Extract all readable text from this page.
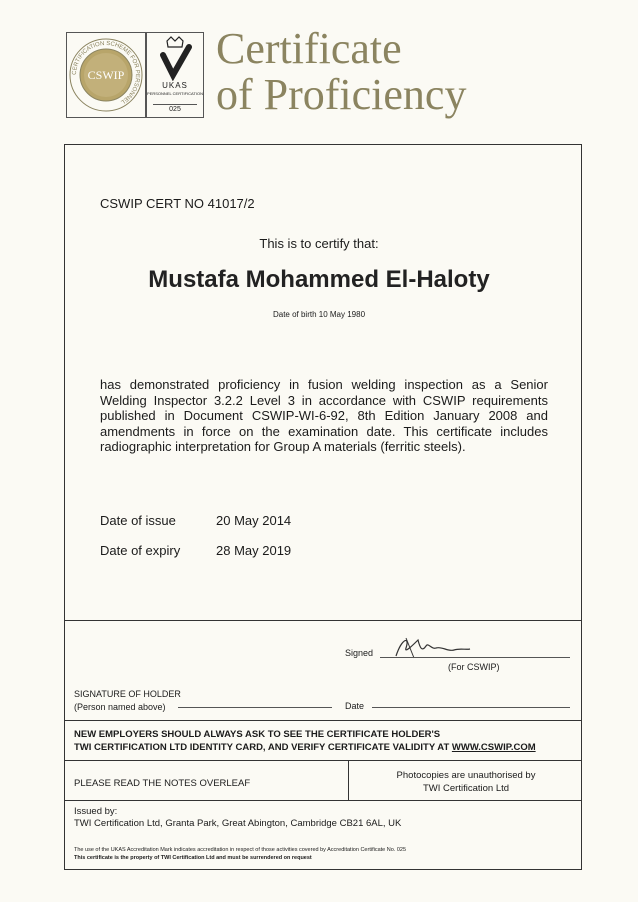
CSWIP
CERTIFICATION SCHEME FOR PERSONNEL
UKAS
PERSONNEL CERTIFICATION
025
Certificate
of Proficiency
CSWIP CERT NO 41017/2
This is to certify that:
Mustafa Mohammed El-Haloty
Date of birth 10 May 1980
has demonstrated proficiency in fusion welding inspection as a Senior Welding Inspector 3.2.2 Level 3 in accordance with CSWIP requirements published in Document CSWIP-WI-6-92, 8th Edition January 2008 and amendments in force on the examination date. This certificate includes radiographic interpretation for Group A materials (ferritic steels).
Date of issue	20 May 2014
Date of expiry	28 May 2019
Signed
(For CSWIP)
SIGNATURE OF HOLDER
(Person named above)	Date
NEW EMPLOYERS SHOULD ALWAYS ASK TO SEE THE CERTIFICATE HOLDER'S
TWI CERTIFICATION LTD IDENTITY CARD, AND VERIFY CERTIFICATE VALIDITY AT WWW.CSWIP.COM
PLEASE READ THE NOTES OVERLEAF
Photocopies are unauthorised by
TWI Certification Ltd
Issued by:
TWI Certification Ltd, Granta Park, Great Abington, Cambridge CB21 6AL, UK
The use of the UKAS Accreditation Mark indicates accreditation in respect of those activities covered by Accreditation Certificate No. 025
This certificate is the property of TWI Certification Ltd and must be surrendered on request
